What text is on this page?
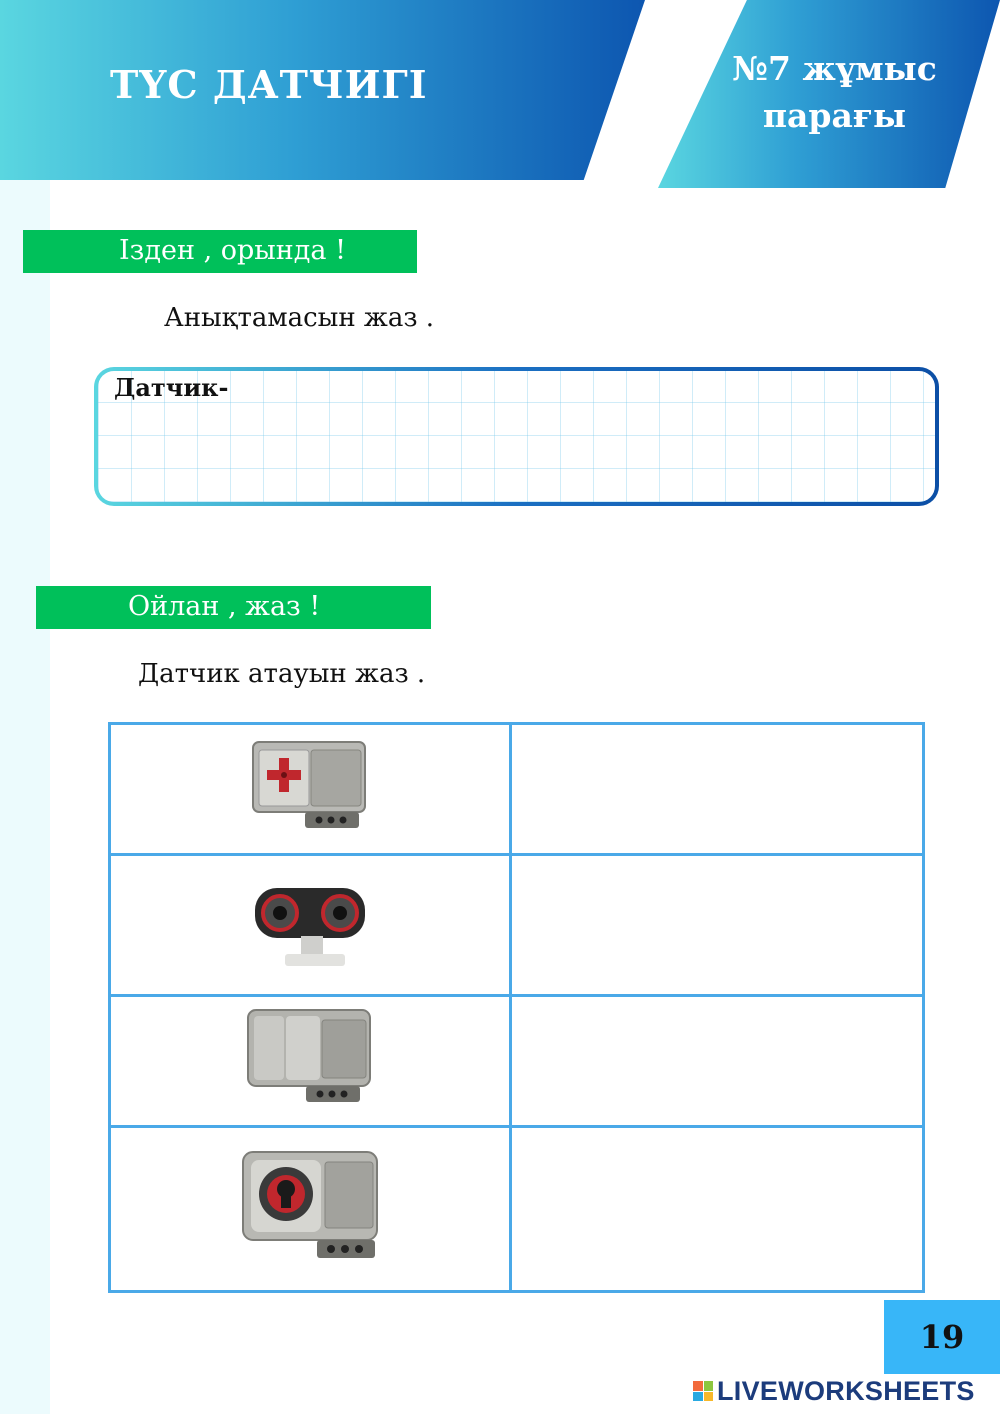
ТҮС ДАТЧИГІ	№7 жұмыс
парағы
Ізден , орында !
Анықтамасын жаз .
Датчик-
Ойлан , жаз !
Датчик атауын жаз .

19
LIVEWORKSHEETS
